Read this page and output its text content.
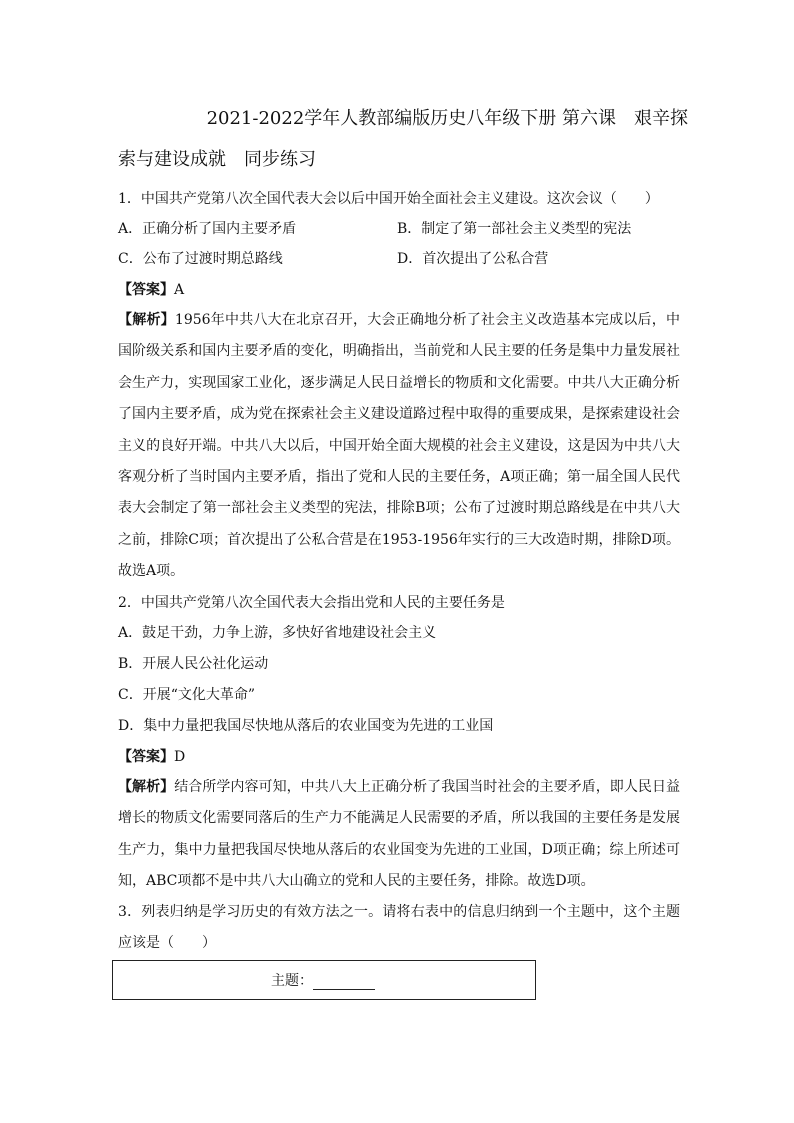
2021-2022学年人教部编版历史八年级下册 第六课　艰辛探
索与建设成就　同步练习
1．中国共产党第八次全国代表大会以后中国开始全面社会主义建设。这次会议（　　）
A．正确分析了国内主要矛盾	B．制定了第一部社会主义类型的宪法
C．公布了过渡时期总路线	D．首次提出了公私合营
【答案】A
【解析】1956年中共八大在北京召开，大会正确地分析了社会主义改造基本完成以后，中国阶级关系和国内主要矛盾的变化，明确指出，当前党和人民主要的任务是集中力量发展社会生产力，实现国家工业化，逐步满足人民日益增长的物质和文化需要。中共八大正确分析了国内主要矛盾，成为党在探索社会主义建设道路过程中取得的重要成果，是探索建设社会主义的良好开端。中共八大以后，中国开始全面大规模的社会主义建设，这是因为中共八大客观分析了当时国内主要矛盾，指出了党和人民的主要任务，A项正确；第一届全国人民代表大会制定了第一部社会主义类型的宪法，排除B项；公布了过渡时期总路线是在中共八大之前，排除C项；首次提出了公私合营是在1953-1956年实行的三大改造时期，排除D项。故选A项。
2．中国共产党第八次全国代表大会指出党和人民的主要任务是
A．鼓足干劲，力争上游，多快好省地建设社会主义
B．开展人民公社化运动
C．开展“文化大革命”
D．集中力量把我国尽快地从落后的农业国变为先进的工业国
【答案】D
【解析】结合所学内容可知，中共八大上正确分析了我国当时社会的主要矛盾，即人民日益增长的物质文化需要同落后的生产力不能满足人民需要的矛盾，所以我国的主要任务是发展生产力，集中力量把我国尽快地从落后的农业国变为先进的工业国，D项正确；综上所述可知，ABC项都不是中共八大山确立的党和人民的主要任务，排除。故选D项。
3．列表归纳是学习历史的有效方法之一。请将右表中的信息归纳到一个主题中，这个主题应该是（　　）
主题：
